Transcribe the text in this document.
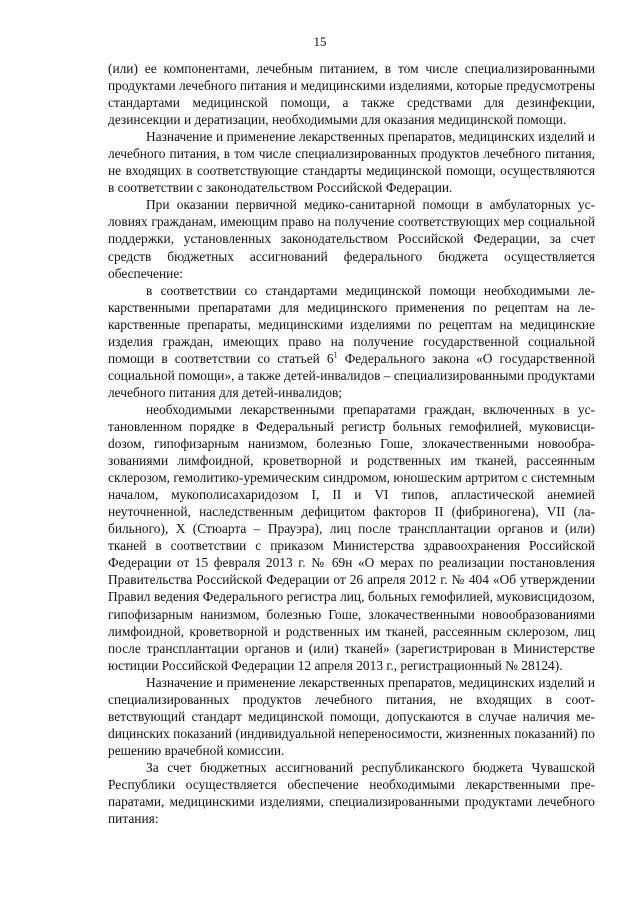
15

(или) ее компонентами, лечебным питанием, в том числе специализированными продуктами лечебного питания и медицинскими изделиями, которые предусмотрены стандартами медицинской помощи, а также средствами для дезинфекции, дезинсекции и дератизации, необходимыми для оказания медицинской помощи.

Назначение и применение лекарственных препаратов, медицинских изделий и лечебного питания, в том числе специализированных продуктов лечебного питания, не входящих в соответствующие стандарты медицинской помощи, осуществляются в соответствии с законодательством Российской Федерации.

При оказании первичной медико-санитарной помощи в амбулаторных условиях гражданам, имеющим право на получение соответствующих мер социальной поддержки, установленных законодательством Российской Федерации, за счет средств бюджетных ассигнований федерального бюджета осуществляется обеспечение:

в соответствии со стандартами медицинской помощи необходимыми лекарственными препаратами для медицинского применения по рецептам на лекарственные препараты, медицинскими изделиями по рецептам на медицинские изделия граждан, имеющих право на получение государственной социальной помощи в соответствии со статьей $6^1$ Федерального закона «О государственной социальной помощи», а также детей-инвалидов – специализированными продуктами лечебного питания для детей-инвалидов;

необходимыми лекарственными препаратами граждан, включенных в установленном порядке в Федеральный регистр больных гемофилией, муковисциdозом, гипофизарным нанизмом, болезнью Гоше, злокачественными новообразованиями лимфоидной, кроветворной и родственных им тканей, рассеянным склерозом, гемолитико-уремическим синдромом, юношеским артритом с системным началом, мукополисахаридозом I, II и VI типов, апластической анемией неуточненной, наследственным дефицитом факторов II (фибриногена), VII (лабильного), X (Стюарта – Прауэра), лиц после трансплантации органов и (или) тканей в соответствии с приказом Министерства здравоохранения Российской Федерации от 15 февраля 2013 г. № 69н «О мерах по реализации постановления Правительства Российской Федерации от 26 апреля 2012 г. № 404 «Об утверждении Правил ведения Федерального регистра лиц, больных гемофилией, муковисцидозом, гипофизарным нанизмом, болезнью Гоше, злокачественными новообразованиями лимфоидной, кроветворной и родственных им тканей, рассеянным склерозом, лиц после трансплантации органов и (или) тканей» (зарегистрирован в Министерстве юстиции Российской Федерации 12 апреля 2013 г., регистрационный № 28124).

Назначение и применение лекарственных препаратов, медицинских изделий и специализированных продуктов лечебного питания, не входящих в соответствующий стандарт медицинской помощи, допускаются в случае наличия меdицинских показаний (индивидуальной непереносимости, жизненных показаний) по решению врачебной комиссии.

За счет бюджетных ассигнований республиканского бюджета Чувашской Республики осуществляется обеспечение необходимыми лекарственными препаратами, медицинскими изделиями, специализированными продуктами лечебного питания:
